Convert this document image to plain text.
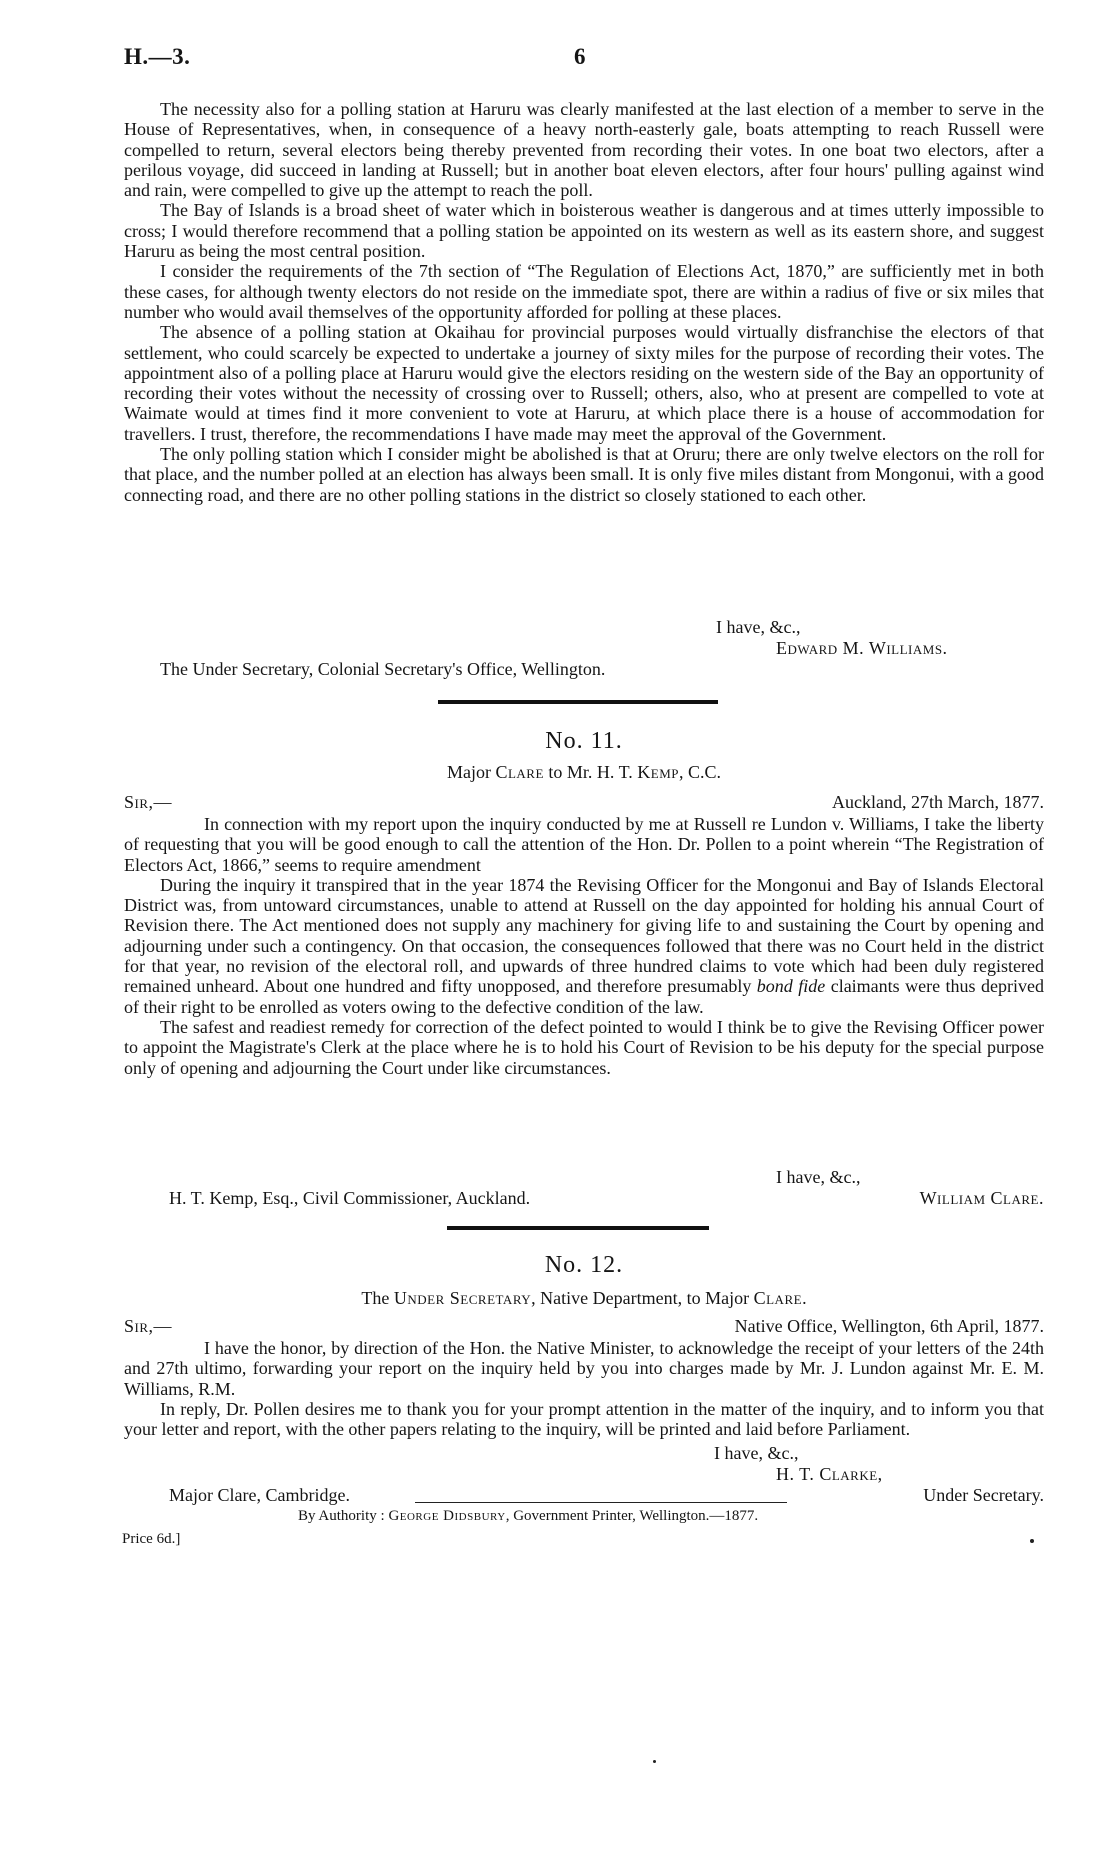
H.—3.	6

The necessity also for a polling station at Haruru was clearly manifested at the last election of a member to serve in the House of Representatives, when, in consequence of a heavy north-easterly gale, boats attempting to reach Russell were compelled to return, several electors being thereby prevented from recording their votes. In one boat two electors, after a perilous voyage, did succeed in landing at Russell; but in another boat eleven electors, after four hours' pulling against wind and rain, were compelled to give up the attempt to reach the poll.

The Bay of Islands is a broad sheet of water which in boisterous weather is dangerous and at times utterly impossible to cross; I would therefore recommend that a polling station be appointed on its western as well as its eastern shore, and suggest Haruru as being the most central position.

I consider the requirements of the 7th section of “The Regulation of Elections Act, 1870,” are sufficiently met in both these cases, for although twenty electors do not reside on the immediate spot, there are within a radius of five or six miles that number who would avail themselves of the opportunity afforded for polling at these places.

The absence of a polling station at Okaihau for provincial purposes would virtually disfranchise the electors of that settlement, who could scarcely be expected to undertake a journey of sixty miles for the purpose of recording their votes. The appointment also of a polling place at Haruru would give the electors residing on the western side of the Bay an opportunity of recording their votes without the necessity of crossing over to Russell; others, also, who at present are compelled to vote at Waimate would at times find it more convenient to vote at Haruru, at which place there is a house of accommodation for travellers. I trust, therefore, the recommendations I have made may meet the approval of the Government.

The only polling station which I consider might be abolished is that at Oruru; there are only twelve electors on the roll for that place, and the number polled at an election has always been small. It is only five miles distant from Mongonui, with a good connecting road, and there are no other polling stations in the district so closely stationed to each other.

I have, &c.,
Edward M. Williams.
The Under Secretary, Colonial Secretary's Office, Wellington.
No. 11.
Major Clare to Mr. H. T. Kemp, C.C.
Sir,—	Auckland, 27th March, 1877.

In connection with my report upon the inquiry conducted by me at Russell re Lundon v. Williams, I take the liberty of requesting that you will be good enough to call the attention of the Hon. Dr. Pollen to a point wherein “The Registration of Electors Act, 1866,” seems to require amendment

During the inquiry it transpired that in the year 1874 the Revising Officer for the Mongonui and Bay of Islands Electoral District was, from untoward circumstances, unable to attend at Russell on the day appointed for holding his annual Court of Revision there. The Act mentioned does not supply any machinery for giving life to and sustaining the Court by opening and adjourning under such a contingency. On that occasion, the consequences followed that there was no Court held in the district for that year, no revision of the electoral roll, and upwards of three hundred claims to vote which had been duly registered remained unheard. About one hundred and fifty unopposed, and therefore presumably bond fide claimants were thus deprived of their right to be enrolled as voters owing to the defective condition of the law.

The safest and readiest remedy for correction of the defect pointed to would I think be to give the Revising Officer power to appoint the Magistrate's Clerk at the place where he is to hold his Court of Revision to be his deputy for the special purpose only of opening and adjourning the Court under like circumstances.

I have, &c.,
H. T. Kemp, Esq., Civil Commissioner, Auckland.	William Clare.
No. 12.
The Under Secretary, Native Department, to Major Clare.
Sir,—	Native Office, Wellington, 6th April, 1877.

I have the honor, by direction of the Hon. the Native Minister, to acknowledge the receipt of your letters of the 24th and 27th ultimo, forwarding your report on the inquiry held by you into charges made by Mr. J. Lundon against Mr. E. M. Williams, R.M.

In reply, Dr. Pollen desires me to thank you for your prompt attention in the matter of the inquiry, and to inform you that your letter and report, with the other papers relating to the inquiry, will be printed and laid before Parliament.

I have, &c.,
H. T. Clarke,
Major Clare, Cambridge.	Under Secretary.
By Authority : George Didsbury, Government Printer, Wellington.—1877.
Price 6d.]
